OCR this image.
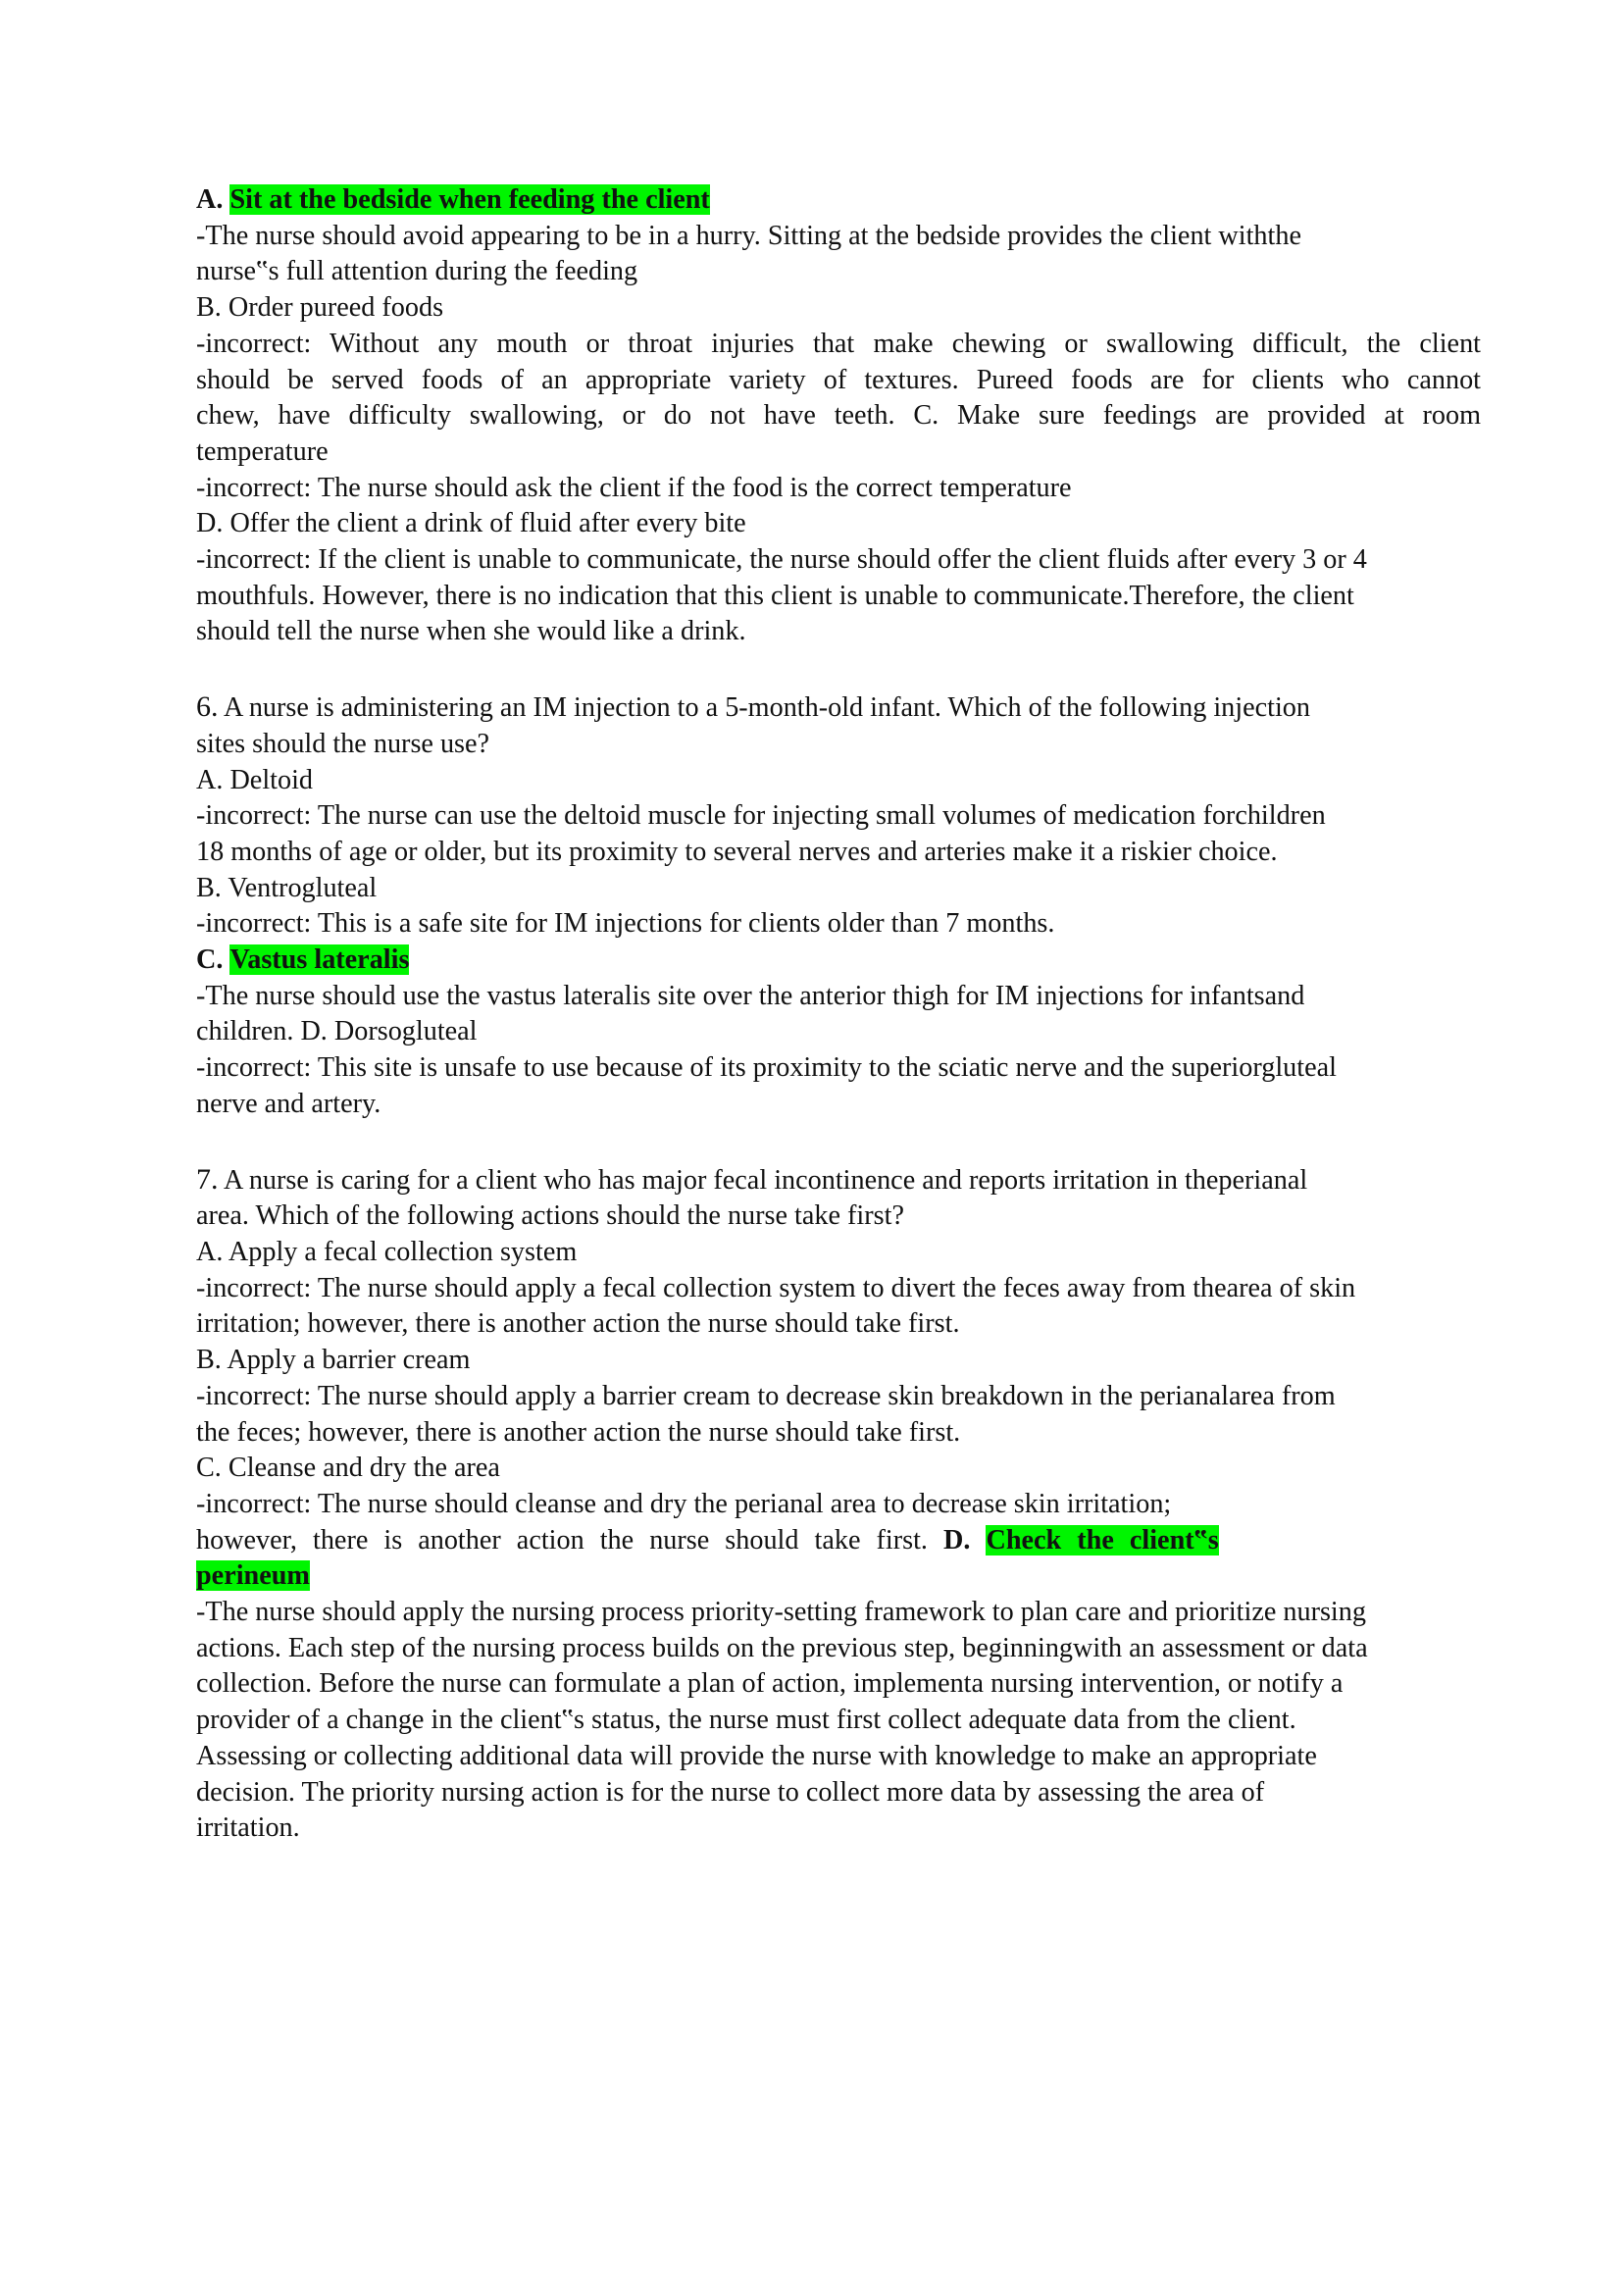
A. Sit at the bedside when feeding the client
-The nurse should avoid appearing to be in a hurry. Sitting at the bedside provides the client withthe
nurse‟s full attention during the feeding
B. Order pureed foods
-incorrect: Without any mouth or throat injuries that make chewing or swallowing difficult, the client
should be served foods of an appropriate variety of textures. Pureed foods are for clients who cannot
chew, have difficulty swallowing, or do not have teeth. C. Make sure feedings are provided at room
temperature
-incorrect: The nurse should ask the client if the food is the correct temperature
D. Offer the client a drink of fluid after every bite
-incorrect: If the client is unable to communicate, the nurse should offer the client fluids after every 3 or 4
mouthfuls. However, there is no indication that this client is unable to communicate.Therefore, the client
should tell the nurse when she would like a drink.
6. A nurse is administering an IM injection to a 5-month-old infant. Which of the following injection
sites should the nurse use?
A. Deltoid
-incorrect: The nurse can use the deltoid muscle for injecting small volumes of medication forchildren
18 months of age or older, but its proximity to several nerves and arteries make it a riskier choice.
B. Ventrogluteal
-incorrect: This is a safe site for IM injections for clients older than 7 months.
C. Vastus lateralis
-The nurse should use the vastus lateralis site over the anterior thigh for IM injections for infantsand
children. D. Dorsogluteal
-incorrect: This site is unsafe to use because of its proximity to the sciatic nerve and the superiorgluteal
nerve and artery.
7. A nurse is caring for a client who has major fecal incontinence and reports irritation in theperianal
area. Which of the following actions should the nurse take first?
A. Apply a fecal collection system
-incorrect: The nurse should apply a fecal collection system to divert the feces away from thearea of skin
irritation; however, there is another action the nurse should take first.
B. Apply a barrier cream
-incorrect: The nurse should apply a barrier cream to decrease skin breakdown in the perianalarea from
the feces; however, there is another action the nurse should take first.
C. Cleanse and dry the area
-incorrect: The nurse should cleanse and dry the perianal area to decrease skin irritation;
however, there is another action the nurse should take first. D. Check the client‟s
perineum
-The nurse should apply the nursing process priority-setting framework to plan care and prioritize nursing
actions. Each step of the nursing process builds on the previous step, beginningwith an assessment or data
collection. Before the nurse can formulate a plan of action, implementa nursing intervention, or notify a
provider of a change in the client‟s status, the nurse must first collect adequate data from the client.
Assessing or collecting additional data will provide the nurse with knowledge to make an appropriate
decision. The priority nursing action is for the nurse to collect more data by assessing the area of
irritation.
